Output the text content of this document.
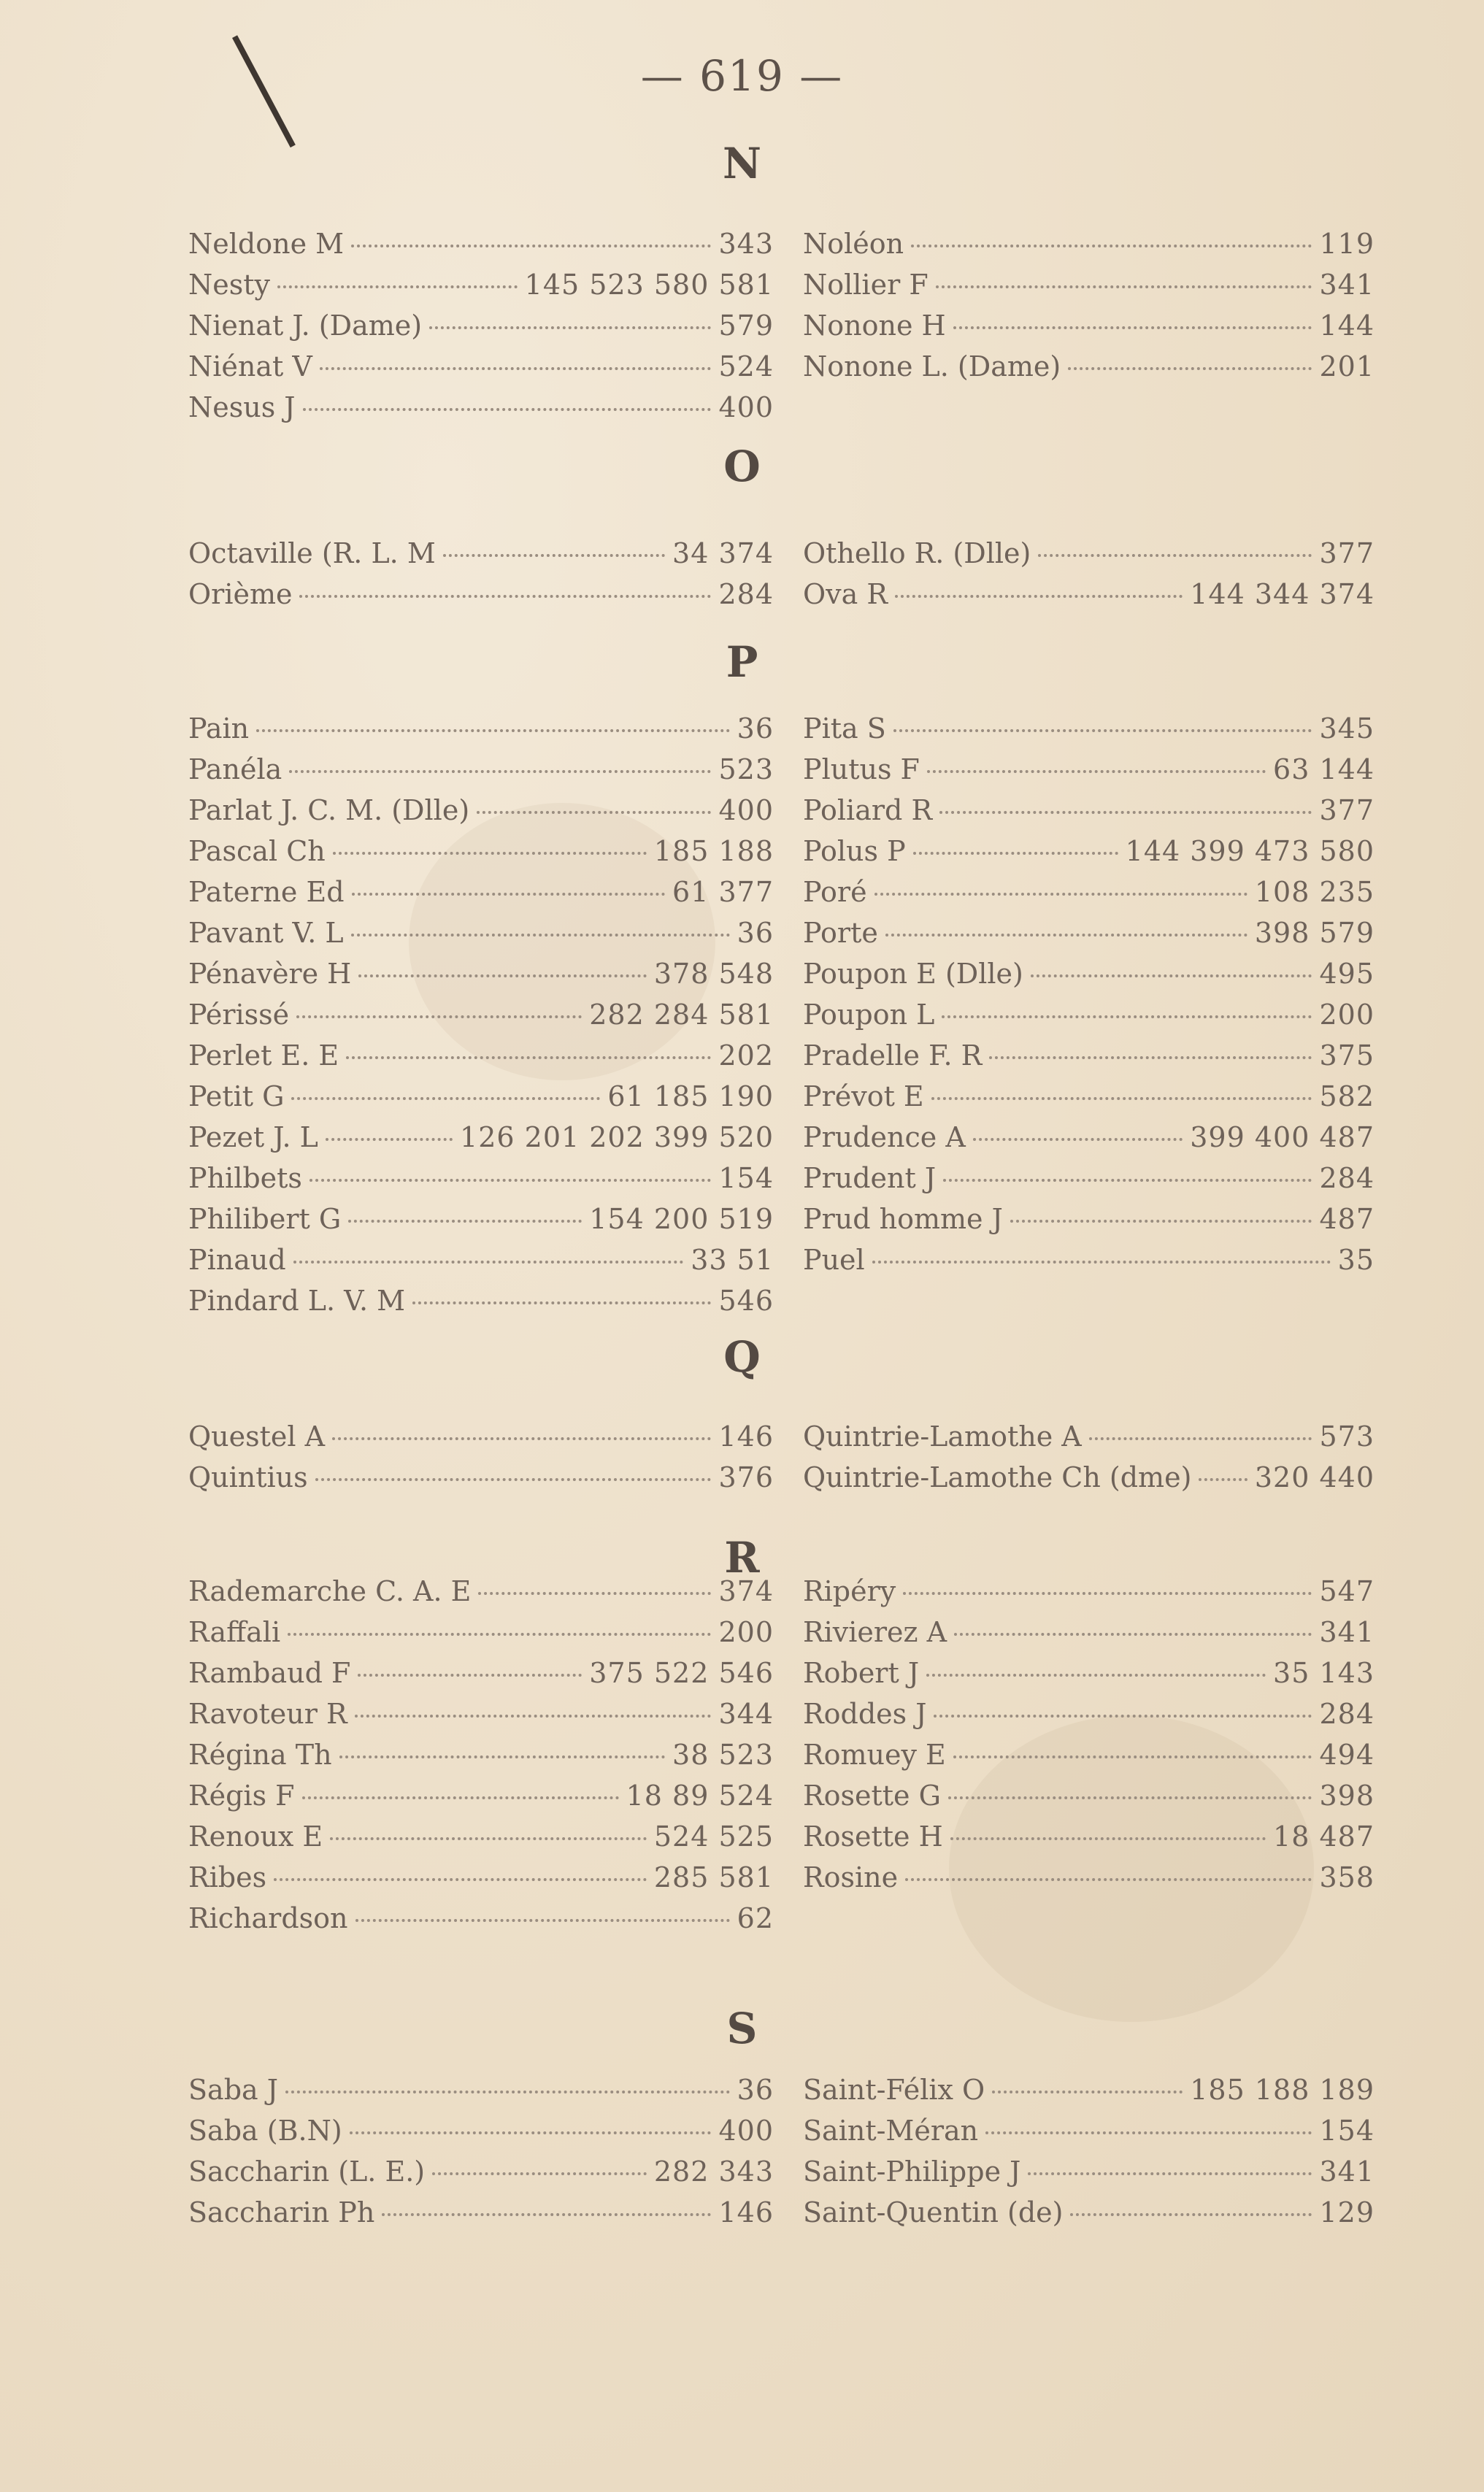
— 619 —
N
Neldone M	343
Nesty	145 523 580 581
Nienat J. (Dame)	579
Niénat V	524
Nesus J	400
Noléon	119
Nollier F	341
Nonone H	144
Nonone L. (Dame)	201
O
Octaville (R. L. M	34 374
Orième	284
Othello R. (Dlle)	377
Ova R	144 344 374
P
Pain	36
Panéla	523
Parlat J. C. M. (Dlle)	400
Pascal Ch	185 188
Paterne Ed	61 377
Pavant V. L	36
Pénavère H	378 548
Périssé	282 284 581
Perlet E. E	202
Petit G	61 185 190
Pezet J. L	126 201 202 399 520
Philbets	154
Philibert G	154 200 519
Pinaud	33 51
Pindard L. V. M	546
Pita S	345
Plutus F	63 144
Poliard R	377
Polus P	144 399 473 580
Poré	108 235
Porte	398 579
Poupon E (Dlle)	495
Poupon L	200
Pradelle F. R	375
Prévot E	582
Prudence A	399 400 487
Prudent J	284
Prud homme J	487
Puel	35
Q
Questel A	146
Quintius	376
Quintrie-Lamothe A	573
Quintrie-Lamothe Ch (dme) 320 440
R
Rademarche C. A. E	374
Raffali	200
Rambaud F	375 522 546
Ravoteur R	344
Régina Th	38 523
Régis F	18 89 524
Renoux E	524 525
Ribes	285 581
Richardson	62
Ripéry	547
Rivierez A	341
Robert J	35 143
Roddes J	284
Romuey E	494
Rosette G	398
Rosette H	18 487
Rosine	358
S
Saba J	36
Saba (B.N)	400
Saccharin (L. E.)	282 343
Saccharin Ph	146
Saint-Félix O	185 188 189
Saint-Méran	154
Saint-Philippe J	341
Saint-Quentin (de)	129
